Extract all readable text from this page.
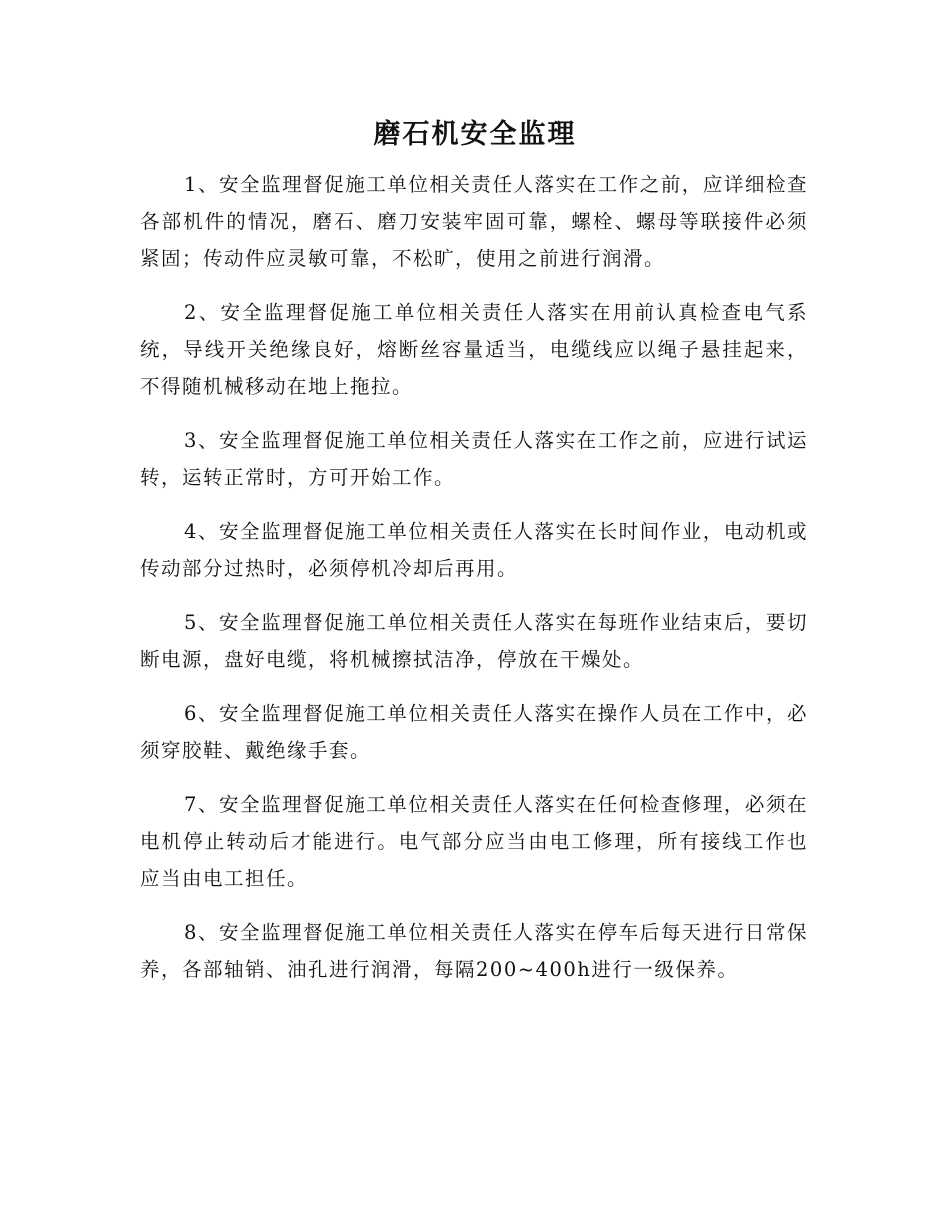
磨石机安全监理

1、安全监理督促施工单位相关责任人落实在工作之前，应详细检查各部机件的情况，磨石、磨刀安装牢固可靠，螺栓、螺母等联接件必须紧固；传动件应灵敏可靠，不松旷，使用之前进行润滑。

2、安全监理督促施工单位相关责任人落实在用前认真检查电气系统，导线开关绝缘良好，熔断丝容量适当，电缆线应以绳子悬挂起来，不得随机械移动在地上拖拉。

3、安全监理督促施工单位相关责任人落实在工作之前，应进行试运转，运转正常时，方可开始工作。

4、安全监理督促施工单位相关责任人落实在长时间作业，电动机或传动部分过热时，必须停机冷却后再用。

5、安全监理督促施工单位相关责任人落实在每班作业结束后，要切断电源，盘好电缆，将机械擦拭洁净，停放在干燥处。

6、安全监理督促施工单位相关责任人落实在操作人员在工作中，必须穿胶鞋、戴绝缘手套。

7、安全监理督促施工单位相关责任人落实在任何检查修理，必须在电机停止转动后才能进行。电气部分应当由电工修理，所有接线工作也应当由电工担任。

8、安全监理督促施工单位相关责任人落实在停车后每天进行日常保养，各部轴销、油孔进行润滑，每隔200~400h进行一级保养。
